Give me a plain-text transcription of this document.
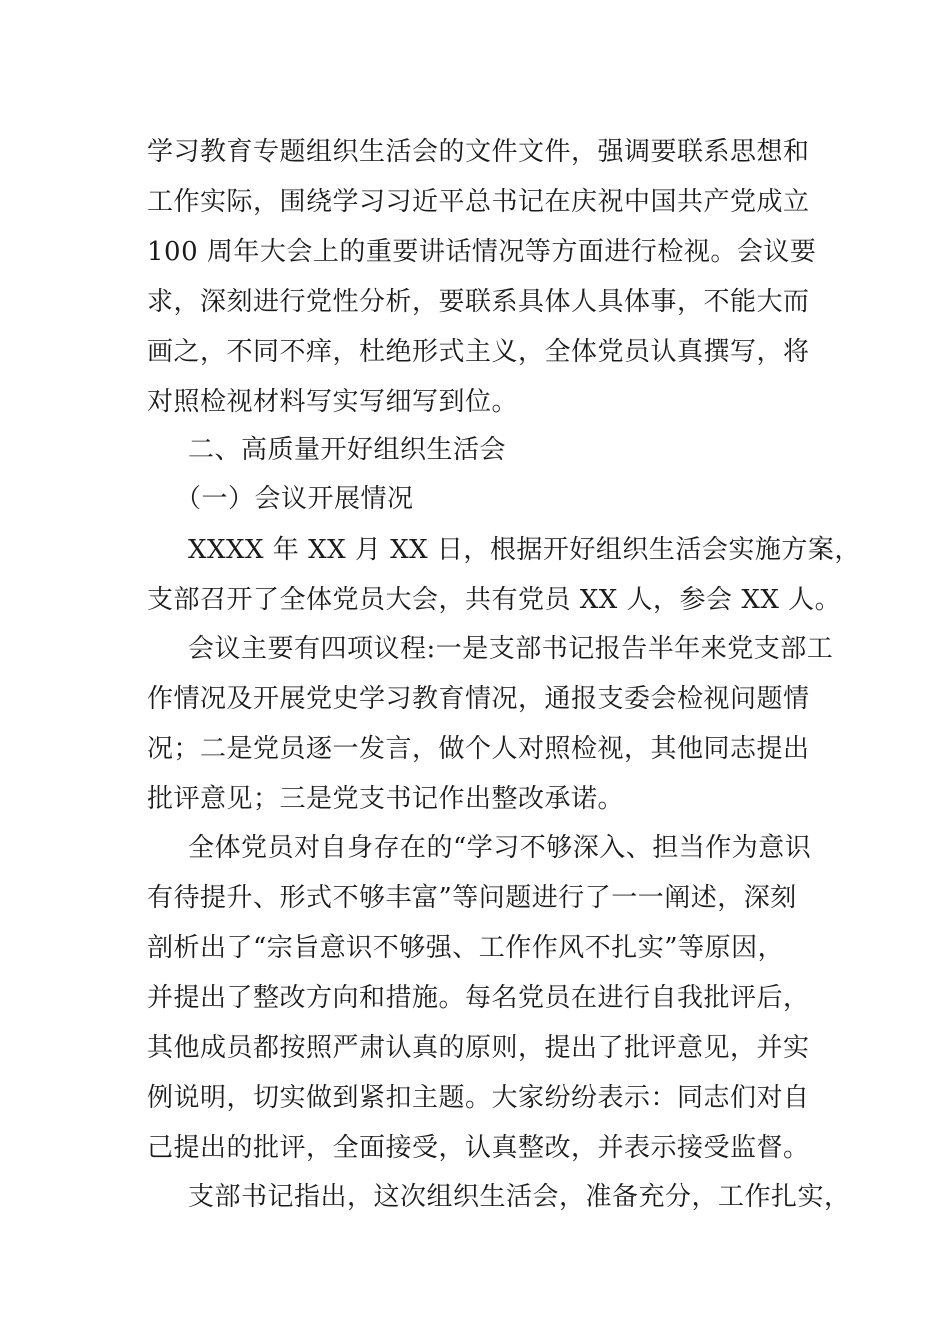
学习教育专题组织生活会的文件文件，强调要联系思想和
工作实际，围绕学习习近平总书记在庆祝中国共产党成立
100 周年大会上的重要讲话情况等方面进行检视。会议要
求，深刻进行党性分析，要联系具体人具体事，不能大而
画之，不同不痒，杜绝形式主义，全体党员认真撰写，将
对照检视材料写实写细写到位。
二、高质量开好组织生活会
（一）会议开展情况
XXXX 年 XX 月 XX 日，根据开好组织生活会实施方案，
支部召开了全体党员大会，共有党员 XX 人，参会 XX 人。
会议主要有四项议程:一是支部书记报告半年来党支部工
作情况及开展党史学习教育情况，通报支委会检视问题情
况；二是党员逐一发言，做个人对照检视，其他同志提出
批评意见；三是党支书记作出整改承诺。
全体党员对自身存在的“学习不够深入、担当作为意识
有待提升、形式不够丰富”等问题进行了一一阐述，深刻
剖析出了“宗旨意识不够强、工作作风不扎实”等原因，
并提出了整改方向和措施。每名党员在进行自我批评后，
其他成员都按照严肃认真的原则，提出了批评意见，并实
例说明，切实做到紧扣主题。大家纷纷表示：同志们对自
己提出的批评，全面接受，认真整改，并表示接受监督。
支部书记指出，这次组织生活会，准备充分，工作扎实，
